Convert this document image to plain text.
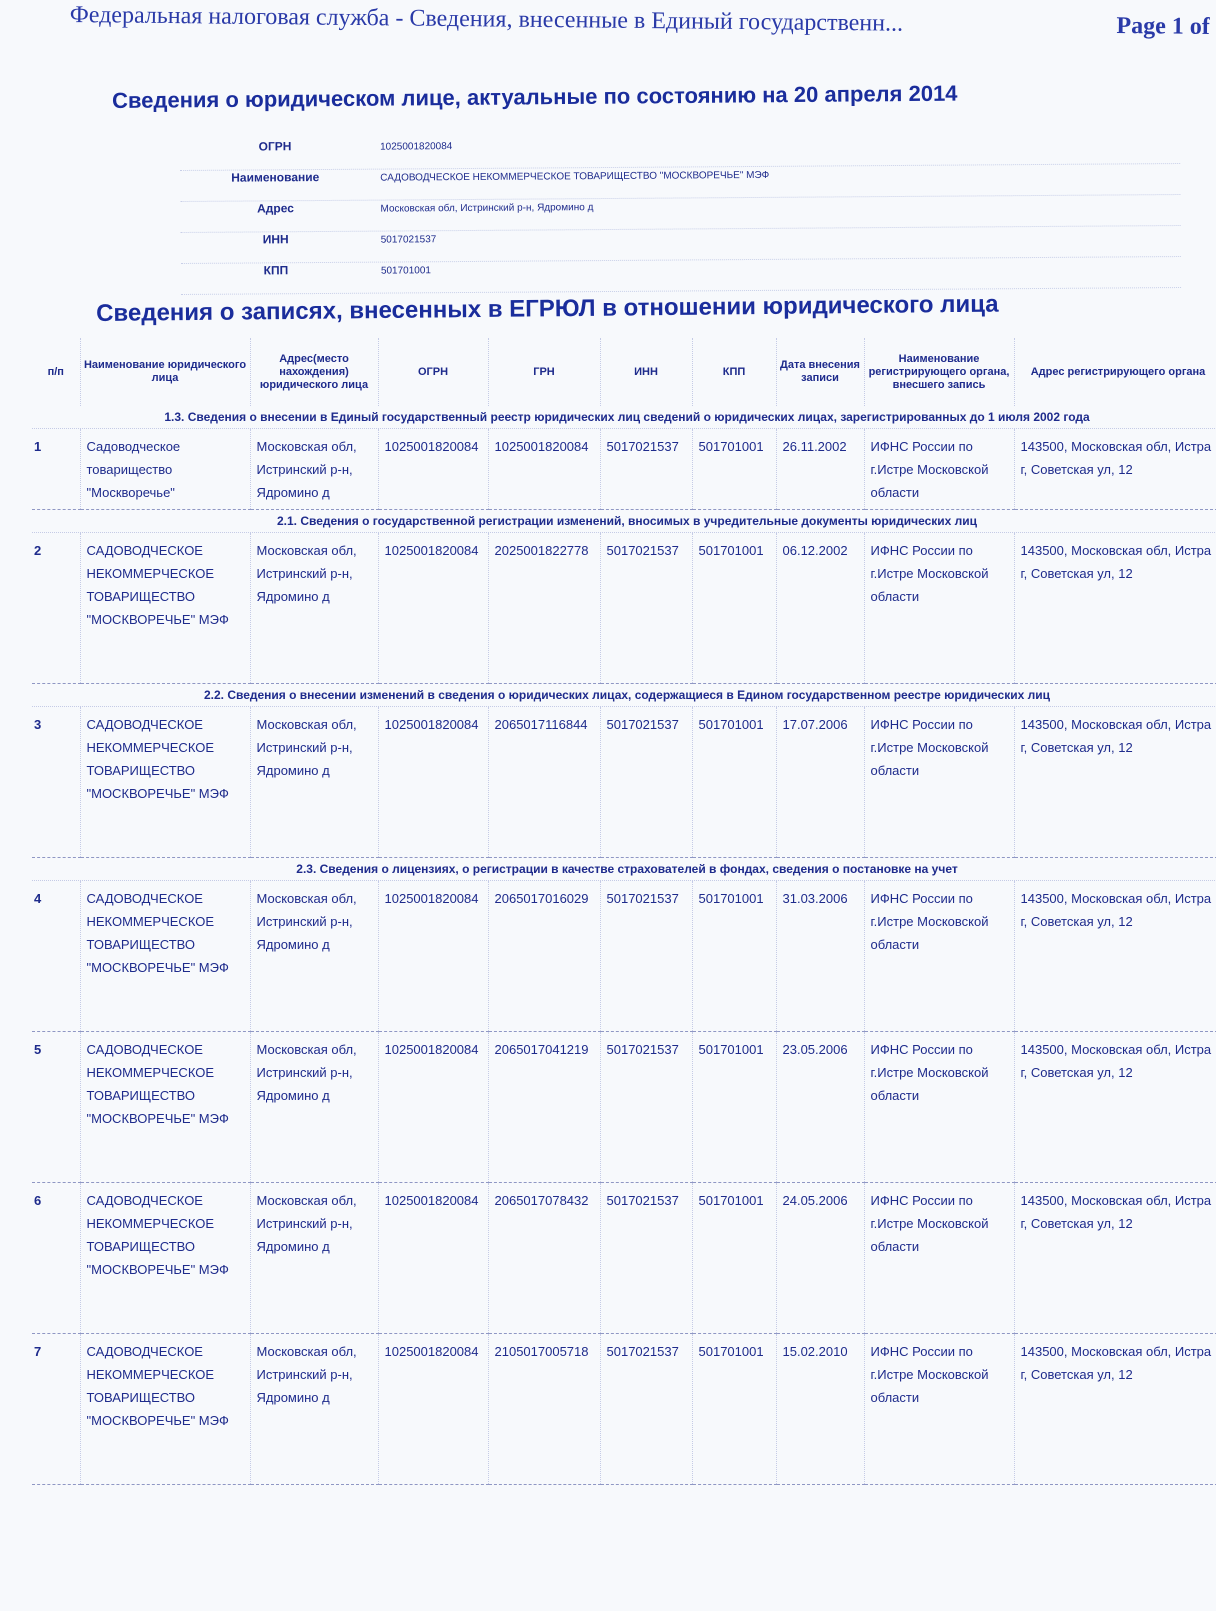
Федеральная налоговая служба - Сведения, внесенные в Единый государственн...	Page 1 of
Сведения о юридическом лице, актуальные по состоянию на 20 апреля 2014
ОГРН	1025001820084
Наименование	САДОВОДЧЕСКОЕ НЕКОММЕРЧЕСКОЕ ТОВАРИЩЕСТВО "МОСКВОРЕЧЬЕ" МЭФ
Адрес	Московская обл, Истринский р-н, Ядромино д
ИНН	5017021537
КПП	501701001
Сведения о записях, внесенных в ЕГРЮЛ в отношении юридического лица
п/п	Наименование юридического лица	Адрес(место нахождения) юридического лица	ОГРН	ГРН	ИНН	КПП	Дата внесения записи	Наименование регистрирующего органа, внесшего запись	Адрес регистрирующего органа
1.3. Сведения о внесении в Единый государственный реестр юридических лиц сведений о юридических лицах, зарегистрированных до 1 июля 2002 года									
1	Садоводческое товарищество "Москворечье"	Московская обл, Истринский р-н, Ядромино д	1025001820084	1025001820084	5017021537	501701001	26.11.2002	ИФНС России по г.Истре Московской области	143500, Московская обл, Истра г, Советская ул, 12
2.1. Сведения о государственной регистрации изменений, вносимых в учредительные документы юридических лиц									
2	САДОВОДЧЕСКОЕ НЕКОММЕРЧЕСКОЕ ТОВАРИЩЕСТВО "МОСКВОРЕЧЬЕ" МЭФ	Московская обл, Истринский р-н, Ядромино д	1025001820084	2025001822778	5017021537	501701001	06.12.2002	ИФНС России по г.Истре Московской области	143500, Московская обл, Истра г, Советская ул, 12
2.2. Сведения о внесении изменений в сведения о юридических лицах, содержащиеся в Едином государственном реестре юридических лиц									
3	САДОВОДЧЕСКОЕ НЕКОММЕРЧЕСКОЕ ТОВАРИЩЕСТВО "МОСКВОРЕЧЬЕ" МЭФ	Московская обл, Истринский р-н, Ядромино д	1025001820084	2065017116844	5017021537	501701001	17.07.2006	ИФНС России по г.Истре Московской области	143500, Московская обл, Истра г, Советская ул, 12
2.3. Сведения о лицензиях, о регистрации в качестве страхователей в фондах, сведения о постановке на учет									
4	САДОВОДЧЕСКОЕ НЕКОММЕРЧЕСКОЕ ТОВАРИЩЕСТВО "МОСКВОРЕЧЬЕ" МЭФ	Московская обл, Истринский р-н, Ядромино д	1025001820084	2065017016029	5017021537	501701001	31.03.2006	ИФНС России по г.Истре Московской области	143500, Московская обл, Истра г, Советская ул, 12
5	САДОВОДЧЕСКОЕ НЕКОММЕРЧЕСКОЕ ТОВАРИЩЕСТВО "МОСКВОРЕЧЬЕ" МЭФ	Московская обл, Истринский р-н, Ядромино д	1025001820084	2065017041219	5017021537	501701001	23.05.2006	ИФНС России по г.Истре Московской области	143500, Московская обл, Истра г, Советская ул, 12
6	САДОВОДЧЕСКОЕ НЕКОММЕРЧЕСКОЕ ТОВАРИЩЕСТВО "МОСКВОРЕЧЬЕ" МЭФ	Московская обл, Истринский р-н, Ядромино д	1025001820084	2065017078432	5017021537	501701001	24.05.2006	ИФНС России по г.Истре Московской области	143500, Московская обл, Истра г, Советская ул, 12
7	САДОВОДЧЕСКОЕ НЕКОММЕРЧЕСКОЕ ТОВАРИЩЕСТВО "МОСКВОРЕЧЬЕ" МЭФ	Московская обл, Истринский р-н, Ядромино д	1025001820084	2105017005718	5017021537	501701001	15.02.2010	ИФНС России по г.Истре Московской области	143500, Московская обл, Истра г, Советская ул, 12
